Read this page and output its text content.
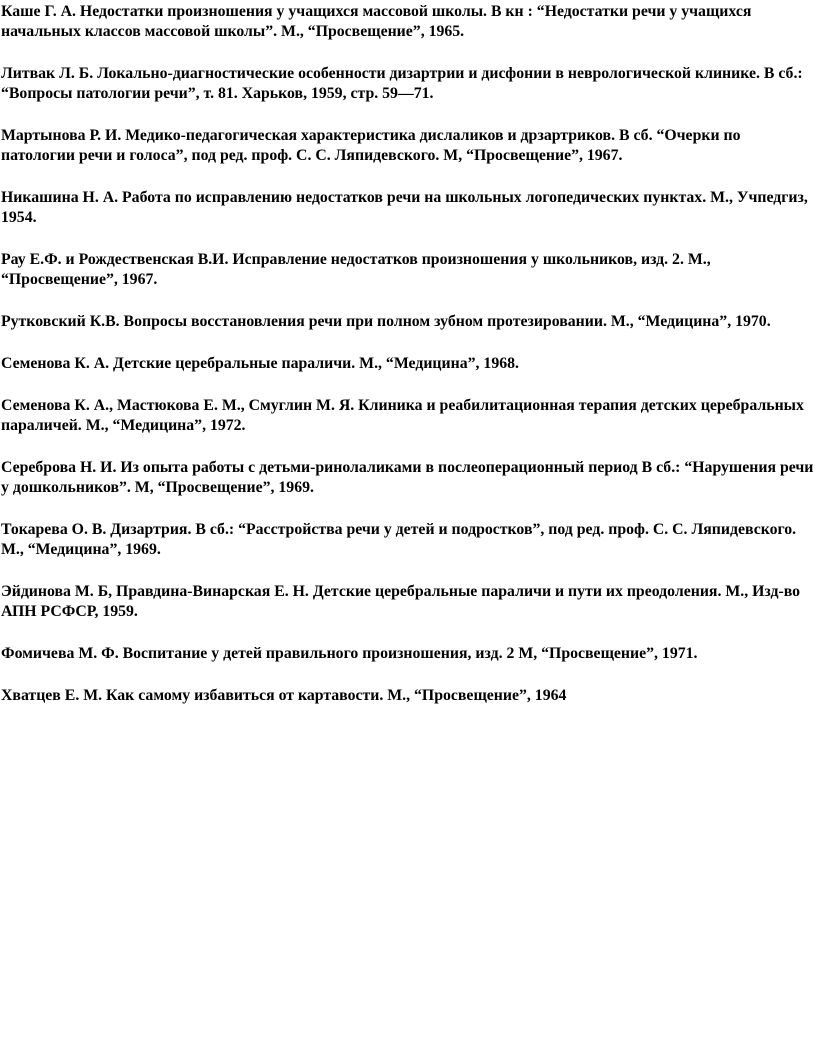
Каше Г. А. Недостатки произношения у учащихся массовой школы. В кн : “Недостатки речи у учащихся начальных классов массовой школы”. М., “Просвещение”, 1965.

Литвак Л. Б. Локально-диагностические особенности дизартрии и дисфонии в неврологической клинике. В сб.: “Вопросы патологии речи”, т. 81. Харьков, 1959, стр. 59—71.

Мартынова Р. И. Медико-педагогическая характеристика дислаликов и дрзартриков. В сб. “Очерки по патологии речи и голоса”, под ред. проф. С. С. Ляпидевского. М, “Просвещение”, 1967.

Никашина Н. А. Работа по исправлению недостатков речи на школьных логопедических пунктах. М., Учпедгиз, 1954.

Рау Е.Ф. и Рождественская В.И. Исправление недостатков произношения у школьников, изд. 2. М., “Просвещение”, 1967.

Рутковский К.В. Вопросы восстановления речи при полном зубном протезировании. М., “Медицина”, 1970.

Семенова К. А. Детские церебральные параличи. М., “Медицина”, 1968.

Семенова К. А., Мастюкова Е. М., Смуглин М. Я. Клиника и реабилитационная терапия детских церебральных параличей. М., “Медицина”, 1972.

Сереброва Н. И. Из опыта работы с детьми-ринолаликами в послеоперационный период В сб.: “Нарушения речи у дошкольников”. М, “Просвещение”, 1969.

Токарева О. В. Дизартрия. В сб.: “Расстройства речи у детей и подростков”, под ред. проф. С. С. Ляпидевского. М., “Медицина”, 1969.

Эйдинова М. Б, Правдина-Винарская Е. Н. Детские церебральные параличи и пути их преодоления. М., Изд-во АПН РСФСР, 1959.

Фомичева М. Ф. Воспитание у детей правильного произношения, изд. 2 М, “Просвещение”, 1971.

Хватцев Е. М. Как самому избавиться от картавости. М., “Просвещение”, 1964
